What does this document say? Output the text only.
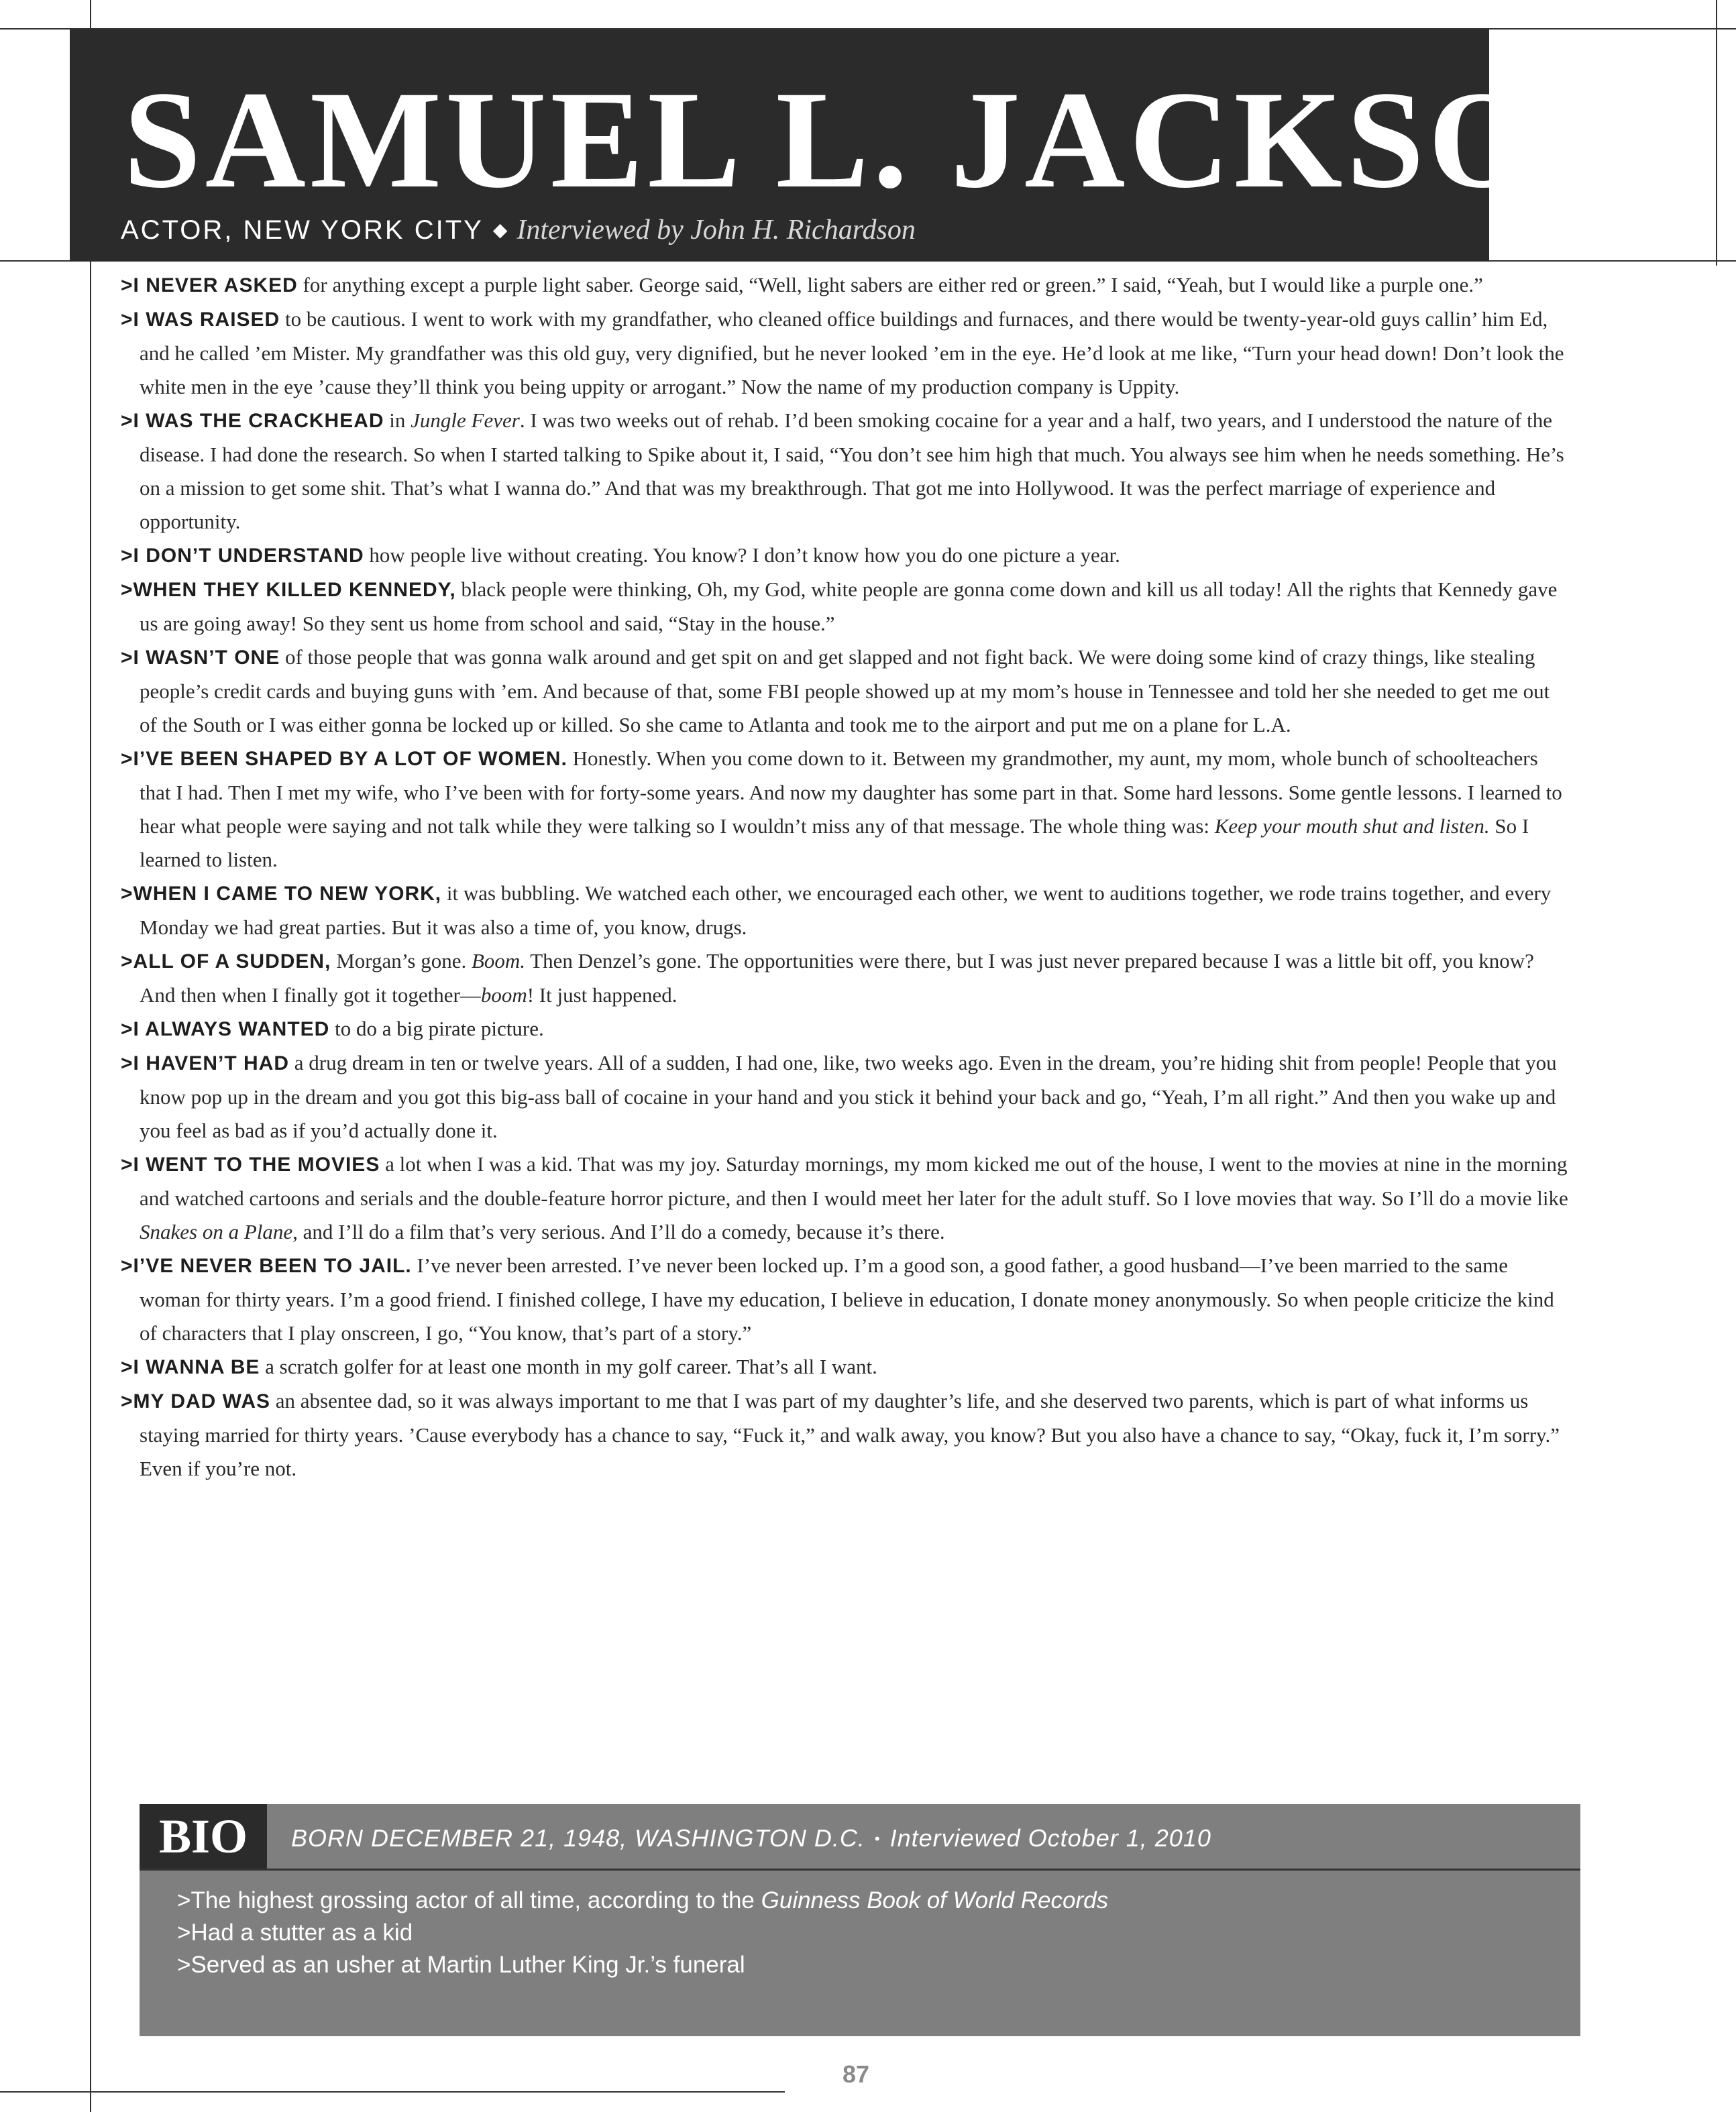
SAMUEL L. JACKSON
ACTOR, NEW YORK CITY ◆ Interviewed by John H. Richardson

> I NEVER ASKED for anything except a purple light saber. George said, “Well, light sabers are either red or green.” I said, “Yeah, but I would like a purple one.”

> I WAS RAISED to be cautious. I went to work with my grandfather, who cleaned office buildings and furnaces, and there would be twenty-year-old guys callin’ him Ed, and he called ’em Mister. My grandfather was this old guy, very dignified, but he never looked ’em in the eye. He’d look at me like, “Turn your head down! Don’t look the white men in the eye ’cause they’ll think you being uppity or arrogant.” Now the name of my production company is Uppity.

> I WAS THE CRACKHEAD in Jungle Fever. I was two weeks out of rehab. I’d been smoking cocaine for a year and a half, two years, and I understood the nature of the disease. I had done the research. So when I started talking to Spike about it, I said, “You don’t see him high that much. You always see him when he needs something. He’s on a mission to get some shit. That’s what I wanna do.” And that was my breakthrough. That got me into Hollywood. It was the perfect marriage of experience and opportunity.

> I DON’T UNDERSTAND how people live without creating. You know? I don’t know how you do one picture a year.

> WHEN THEY KILLED KENNEDY, black people were thinking, Oh, my God, white people are gonna come down and kill us all today! All the rights that Kennedy gave us are going away! So they sent us home from school and said, “Stay in the house.”

> I WASN’T ONE of those people that was gonna walk around and get spit on and get slapped and not fight back. We were doing some kind of crazy things, like stealing people’s credit cards and buying guns with ’em. And because of that, some FBI people showed up at my mom’s house in Tennessee and told her she needed to get me out of the South or I was either gonna be locked up or killed. So she came to Atlanta and took me to the airport and put me on a plane for L.A.

> I’VE BEEN SHAPED BY A LOT OF WOMEN. Honestly. When you come down to it. Between my grandmother, my aunt, my mom, whole bunch of schoolteachers that I had. Then I met my wife, who I’ve been with for forty-some years. And now my daughter has some part in that. Some hard lessons. Some gentle lessons. I learned to hear what people were saying and not talk while they were talking so I wouldn’t miss any of that message. The whole thing was: Keep your mouth shut and listen. So I learned to listen.

> WHEN I CAME TO NEW YORK, it was bubbling. We watched each other, we encouraged each other, we went to auditions together, we rode trains together, and every Monday we had great parties. But it was also a time of, you know, drugs.

> ALL OF A SUDDEN, Morgan’s gone. Boom. Then Denzel’s gone. The opportunities were there, but I was just never prepared because I was a little bit off, you know? And then when I finally got it together—boom! It just happened.

> I ALWAYS WANTED to do a big pirate picture.

> I HAVEN’T HAD a drug dream in ten or twelve years. All of a sudden, I had one, like, two weeks ago. Even in the dream, you’re hiding shit from people! People that you know pop up in the dream and you got this big-ass ball of cocaine in your hand and you stick it behind your back and go, “Yeah, I’m all right.” And then you wake up and you feel as bad as if you’d actually done it.

> I WENT TO THE MOVIES a lot when I was a kid. That was my joy. Saturday mornings, my mom kicked me out of the house, I went to the movies at nine in the morning and watched cartoons and serials and the double-feature horror picture, and then I would meet her later for the adult stuff. So I love movies that way. So I’ll do a movie like Snakes on a Plane, and I’ll do a film that’s very serious. And I’ll do a comedy, because it’s there.

> I’VE NEVER BEEN TO JAIL. I’ve never been arrested. I’ve never been locked up. I’m a good son, a good father, a good husband—I’ve been married to the same woman for thirty years. I’m a good friend. I finished college, I have my education, I believe in education, I donate money anonymously. So when people criticize the kind of characters that I play onscreen, I go, “You know, that’s part of a story.”

> I WANNA BE a scratch golfer for at least one month in my golf career. That’s all I want.

> MY DAD WAS an absentee dad, so it was always important to me that I was part of my daughter’s life, and she deserved two parents, which is part of what informs us staying married for thirty years. ’Cause everybody has a chance to say, “Fuck it,” and walk away, you know? But you also have a chance to say, “Okay, fuck it, I’m sorry.” Even if you’re not.

BIO	BORN DECEMBER 21, 1948, WASHINGTON D.C. • Interviewed October 1, 2010
> The highest grossing actor of all time, according to the Guinness Book of World Records
> Had a stutter as a kid
> Served as an usher at Martin Luther King Jr.’s funeral
87
